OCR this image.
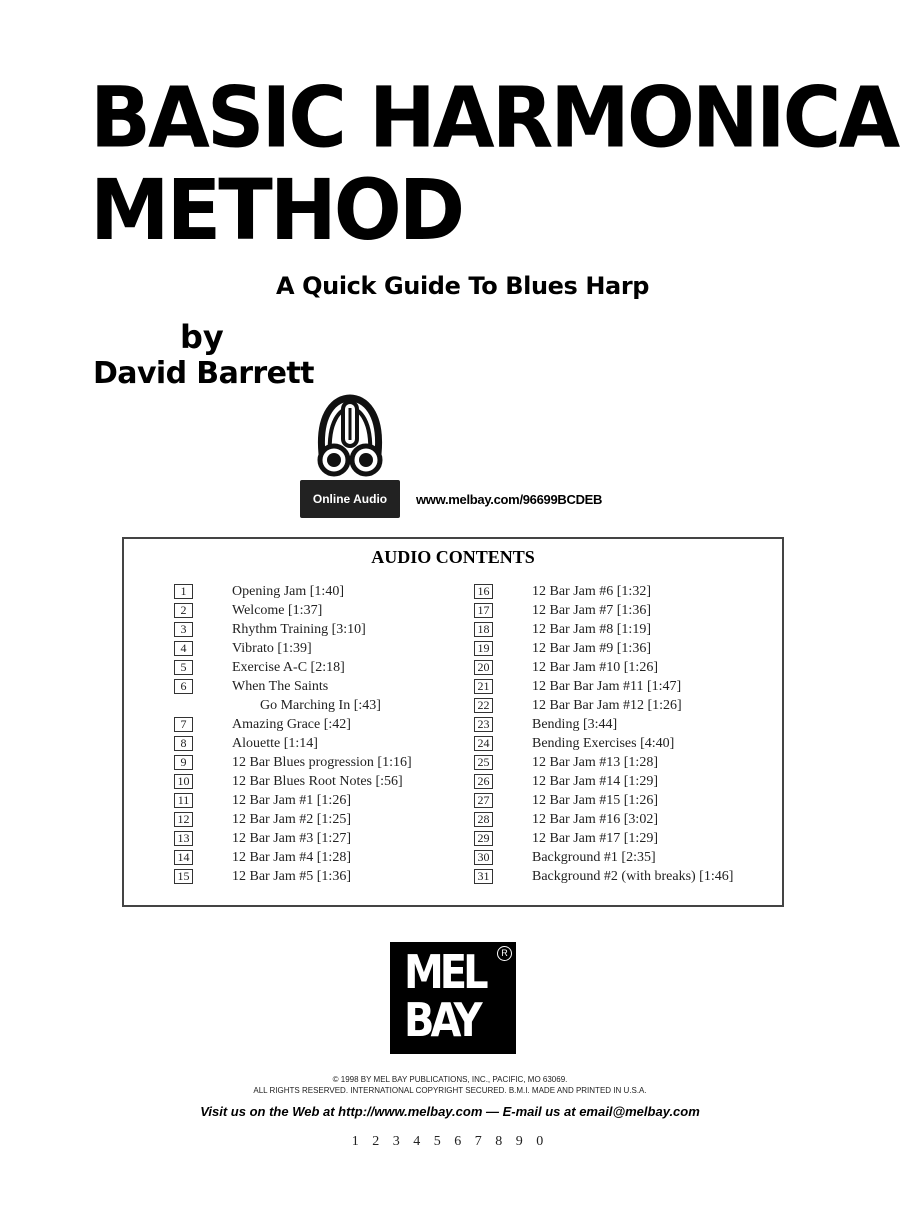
BASIC HARMONICA
METHOD
A Quick Guide To Blues Harp
by
David Barrett
Online Audio	www.melbay.com/96699BCDEB
AUDIO CONTENTS
1	Opening Jam [1:40]
2	Welcome [1:37]
3	Rhythm Training [3:10]
4	Vibrato [1:39]
5	Exercise A-C [2:18]
6	When The Saints
Go Marching In [:43]
7	Amazing Grace [:42]
8	Alouette [1:14]
9	12 Bar Blues progression [1:16]
10	12 Bar Blues Root Notes [:56]
11	12 Bar Jam #1 [1:26]
12	12 Bar Jam #2 [1:25]
13	12 Bar Jam #3 [1:27]
14	12 Bar Jam #4 [1:28]
15	12 Bar Jam #5 [1:36]
16	12 Bar Jam #6 [1:32]
17	12 Bar Jam #7 [1:36]
18	12 Bar Jam #8 [1:19]
19	12 Bar Jam #9 [1:36]
20	12 Bar Jam #10 [1:26]
21	12 Bar Bar Jam #11 [1:47]
22	12 Bar Bar Jam #12 [1:26]
23	Bending [3:44]
24	Bending Exercises [4:40]
25	12 Bar Jam #13 [1:28]
26	12 Bar Jam #14 [1:29]
27	12 Bar Jam #15 [1:26]
28	12 Bar Jam #16 [3:02]
29	12 Bar Jam #17 [1:29]
30	Background #1 [2:35]
31	Background #2 (with breaks) [1:46]
MEL
BAY
R
© 1998 BY MEL BAY PUBLICATIONS, INC., PACIFIC, MO 63069.
ALL RIGHTS RESERVED. INTERNATIONAL COPYRIGHT SECURED. B.M.I. MADE AND PRINTED IN U.S.A.
Visit us on the Web at http://www.melbay.com — E-mail us at email@melbay.com
1 2 3 4 5 6 7 8 9 0
